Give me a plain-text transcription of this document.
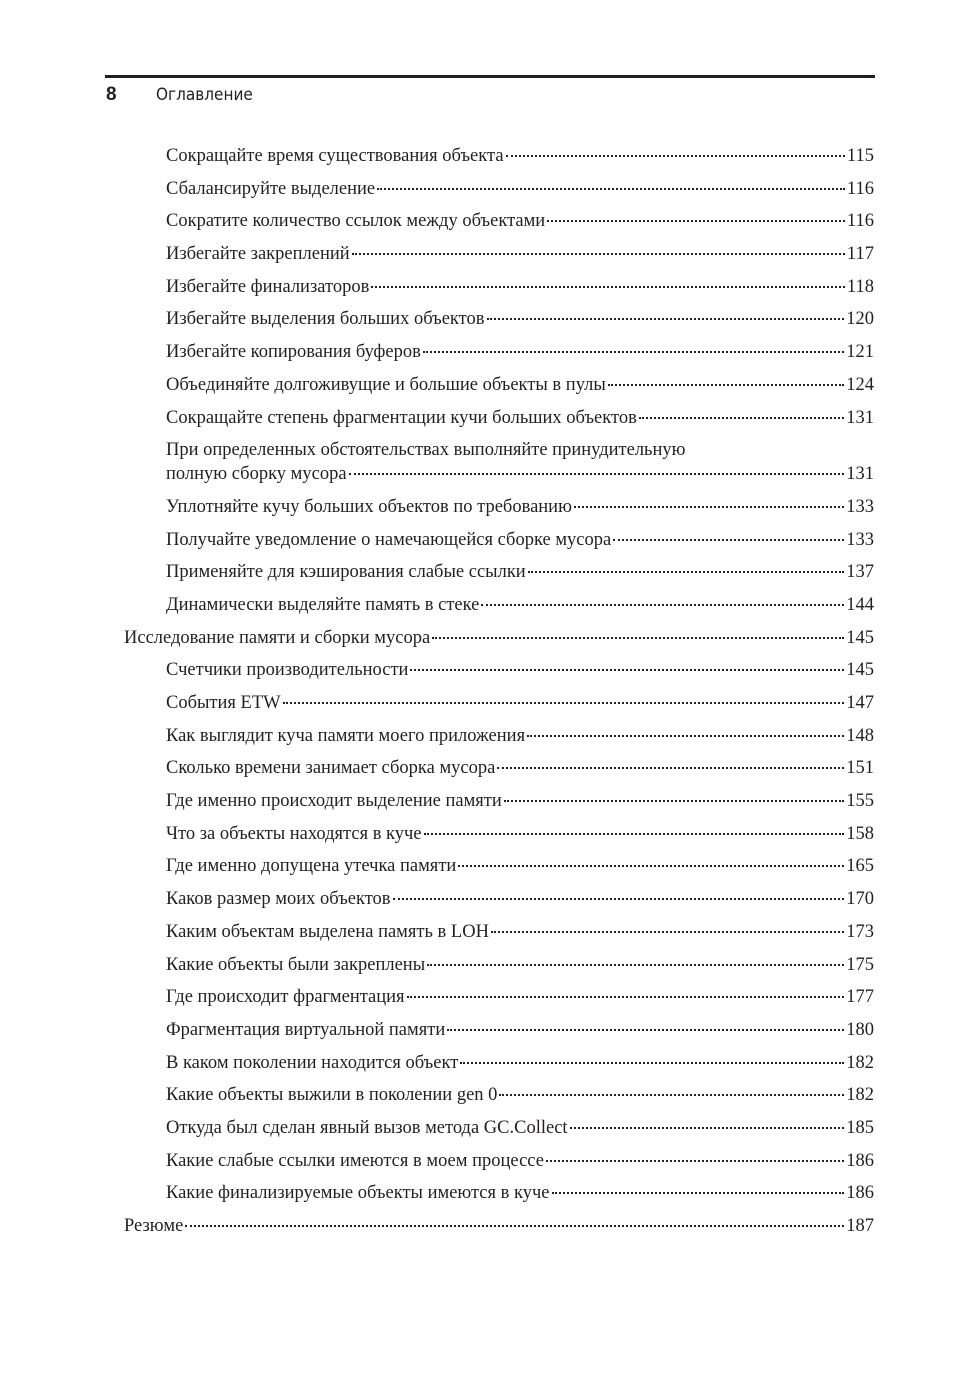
8 Оглавление
Сокращайте время существования объекта	115
Сбалансируйте выделение	116
Сократите количество ссылок между объектами	116
Избегайте закреплений	117
Избегайте финализаторов	118
Избегайте выделения больших объектов	120
Избегайте копирования буферов	121
Объединяйте долгоживущие и большие объекты в пулы	124
Сокращайте степень фрагментации кучи больших объектов	131
При определенных обстоятельствах выполняйте принудительную
полную сборку мусора	131
Уплотняйте кучу больших объектов по требованию	133
Получайте уведомление о намечающейся сборке мусора	133
Применяйте для кэширования слабые ссылки	137
Динамически выделяйте память в стеке	144
Исследование памяти и сборки мусора	145
Счетчики производительности	145
События ETW	147
Как выглядит куча памяти моего приложения	148
Сколько времени занимает сборка мусора	151
Где именно происходит выделение памяти	155
Что за объекты находятся в куче	158
Где именно допущена утечка памяти	165
Каков размер моих объектов	170
Каким объектам выделена память в LOH	173
Какие объекты были закреплены	175
Где происходит фрагментация	177
Фрагментация виртуальной памяти	180
В каком поколении находится объект	182
Какие объекты выжили в поколении gen 0	182
Откуда был сделан явный вызов метода GC.Collect	185
Какие слабые ссылки имеются в моем процессе	186
Какие финализируемые объекты имеются в куче	186
Резюме	187
